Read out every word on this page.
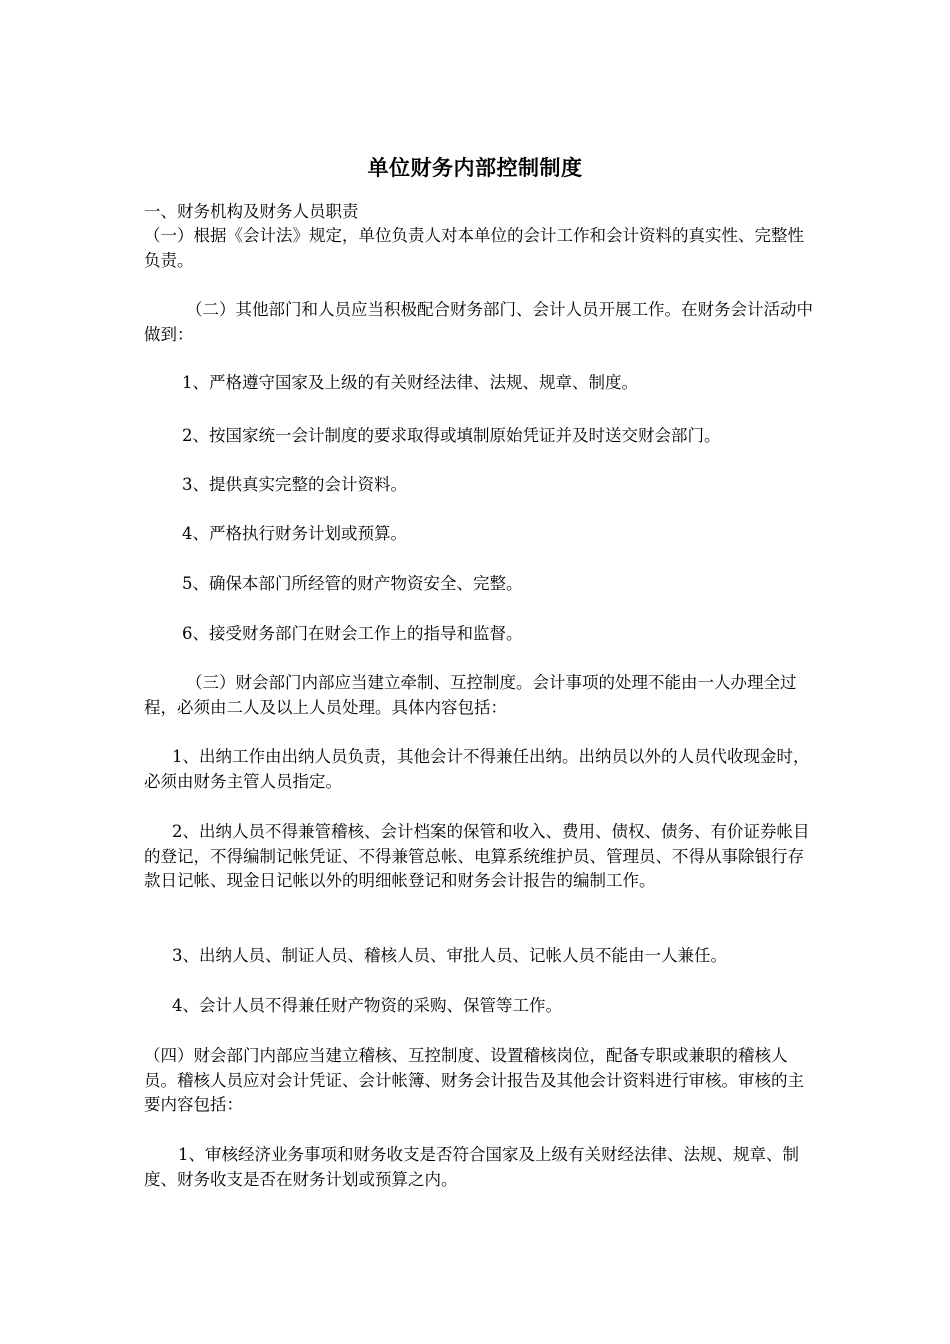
单位财务内部控制制度

一、财务机构及财务人员职责

（一）根据《会计法》规定，单位负责人对本单位的会计工作和会计资料的真实性、完整性负责。

（二）其他部门和人员应当积极配合财务部门、会计人员开展工作。在财务会计活动中做到：

1、严格遵守国家及上级的有关财经法律、法规、规章、制度。

2、按国家统一会计制度的要求取得或填制原始凭证并及时送交财会部门。

3、提供真实完整的会计资料。

4、严格执行财务计划或预算。

5、确保本部门所经管的财产物资安全、完整。

6、接受财务部门在财会工作上的指导和监督。

（三）财会部门内部应当建立牵制、互控制度。会计事项的处理不能由一人办理全过程，必须由二人及以上人员处理。具体内容包括：

1、出纳工作由出纳人员负责，其他会计不得兼任出纳。出纳员以外的人员代收现金时，必须由财务主管人员指定。

2、出纳人员不得兼管稽核、会计档案的保管和收入、费用、债权、债务、有价证券帐目的登记，不得编制记帐凭证、不得兼管总帐、电算系统维护员、管理员、不得从事除银行存款日记帐、现金日记帐以外的明细帐登记和财务会计报告的编制工作。

3、出纳人员、制证人员、稽核人员、审批人员、记帐人员不能由一人兼任。

4、会计人员不得兼任财产物资的采购、保管等工作。

（四）财会部门内部应当建立稽核、互控制度、设置稽核岗位，配备专职或兼职的稽核人员。稽核人员应对会计凭证、会计帐簿、财务会计报告及其他会计资料进行审核。审核的主要内容包括：

1、审核经济业务事项和财务收支是否符合国家及上级有关财经法律、法规、规章、制度、财务收支是否在财务计划或预算之内。
